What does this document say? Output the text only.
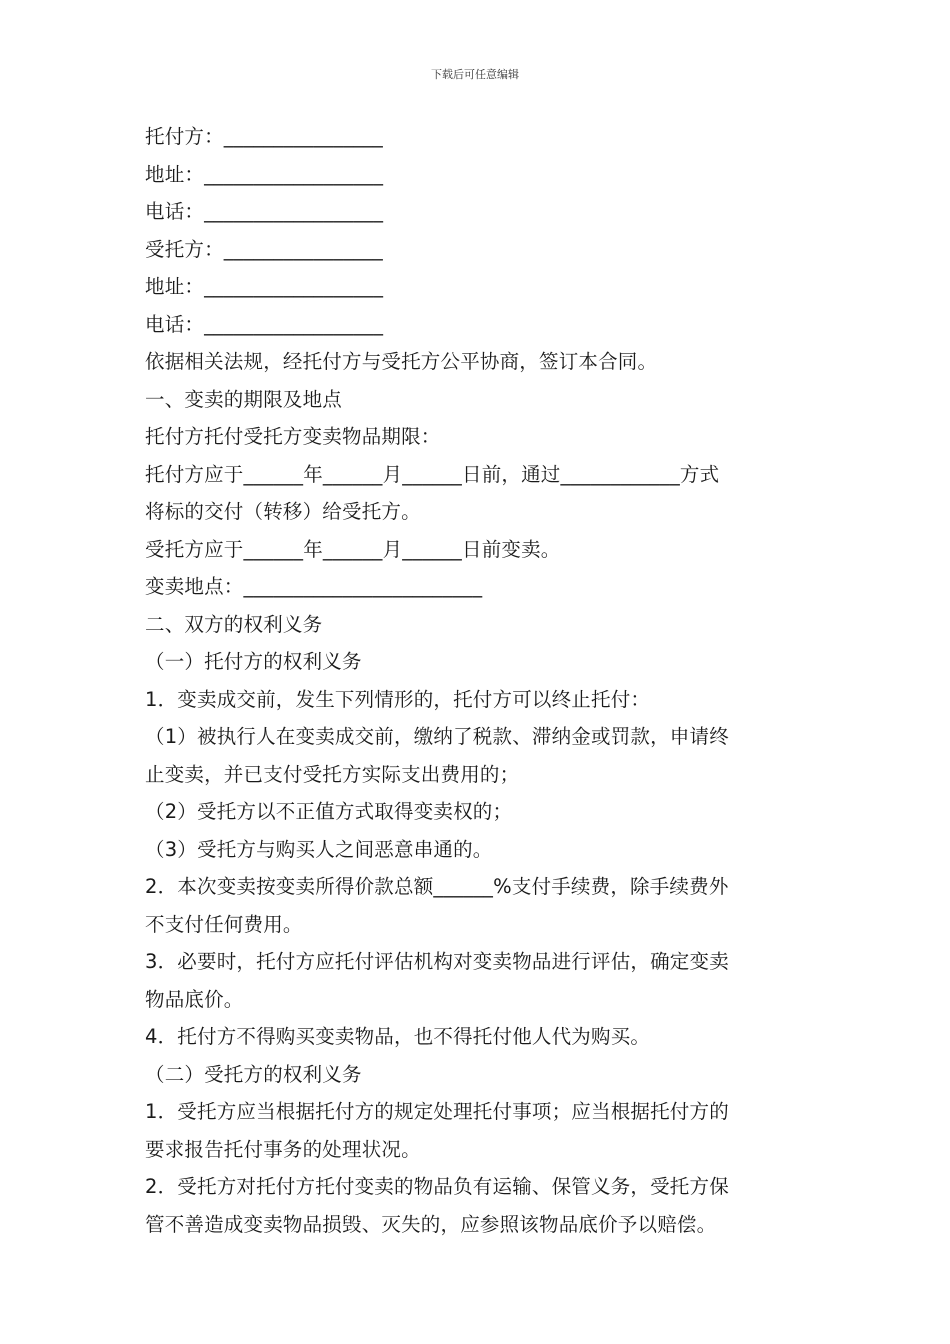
下载后可任意编辑
托付方：________________
地址：__________________
电话：__________________
受托方：________________
地址：__________________
电话：__________________
依据相关法规，经托付方与受托方公平协商，签订本合同。
一、变卖的期限及地点
托付方托付受托方变卖物品期限：
托付方应于______年______月______日前，通过____________方式
将标的交付（转移）给受托方。
受托方应于______年______月______日前变卖。
变卖地点：________________________
二、双方的权利义务
（一）托付方的权利义务
1．变卖成交前，发生下列情形的，托付方可以终止托付：
（1）被执行人在变卖成交前，缴纳了税款、滞纳金或罚款，申请终
止变卖，并已支付受托方实际支出费用的；
（2）受托方以不正值方式取得变卖权的；
（3）受托方与购买人之间恶意串通的。
2．本次变卖按变卖所得价款总额______%支付手续费，除手续费外
不支付任何费用。
3．必要时，托付方应托付评估机构对变卖物品进行评估，确定变卖
物品底价。
4．托付方不得购买变卖物品，也不得托付他人代为购买。
（二）受托方的权利义务
1．受托方应当根据托付方的规定处理托付事项；应当根据托付方的
要求报告托付事务的处理状况。
2．受托方对托付方托付变卖的物品负有运输、保管义务，受托方保
管不善造成变卖物品损毁、灭失的，应参照该物品底价予以赔偿。
